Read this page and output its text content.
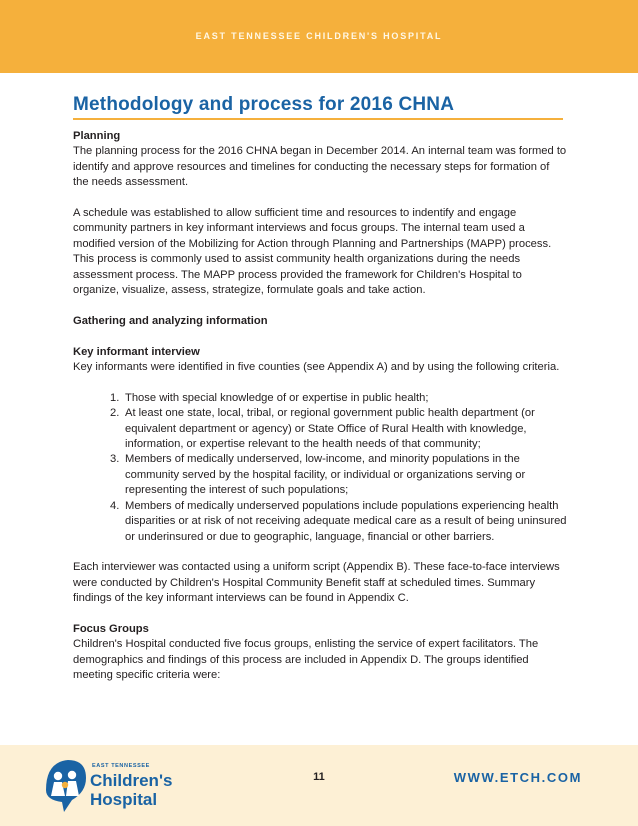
EAST TENNESSEE CHILDREN'S HOSPITAL
Methodology and process for 2016 CHNA

Planning

The planning process for the 2016 CHNA began in December 2014. An internal team was formed to identify and approve resources and timelines for conducting the necessary steps for formation of the needs assessment.

A schedule was established to allow sufficient time and resources to indentify and engage community partners in key informant interviews and focus groups. The internal team used a modified version of the Mobilizing for Action through Planning and Partnerships (MAPP) process. This process is commonly used to assist community health organizations during the needs assessment process. The MAPP process provided the framework for Children's Hospital to organize, visualize, assess, strategize, formulate goals and take action.

Gathering and analyzing information

Key informant interview

Key informants were identified in five counties (see Appendix A) and by using the following criteria.

1. Those with special knowledge of or expertise in public health;
2. At least one state, local, tribal, or regional government public health department (or equivalent department or agency) or State Office of Rural Health with knowledge, information, or expertise relevant to the health needs of that community;
3. Members of medically underserved, low-income, and minority populations in the community served by the hospital facility, or individual or organizations serving or representing the interest of such populations;
4. Members of medically underserved populations include populations experiencing health disparities or at risk of not receiving adequate medical care as a result of being uninsured or underinsured or due to geographic, language, financial or other barriers.

Each interviewer was contacted using a uniform script (Appendix B). These face-to-face interviews were conducted by Children's Hospital Community Benefit staff at scheduled times. Summary findings of the key informant interviews can be found in Appendix C.

Focus Groups

Children's Hospital conducted five focus groups, enlisting the service of expert facilitators. The demographics and findings of this process are included in Appendix D. The groups identified meeting specific criteria were:

EAST TENNESSEE
Children's
Hospital
11	WWW.ETCH.COM
